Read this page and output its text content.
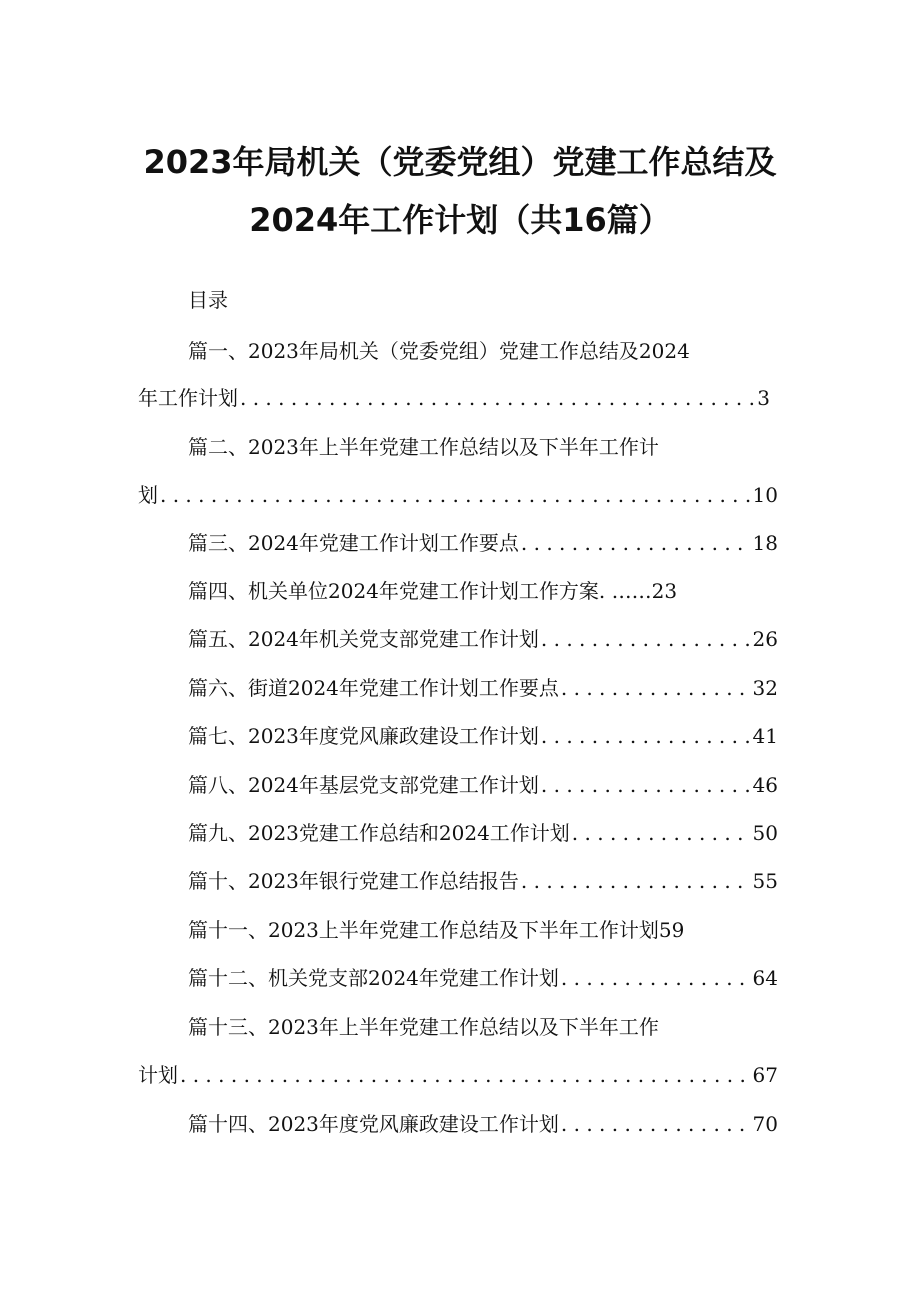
2023年局机关（党委党组）党建工作总结及
2024年工作计划（共16篇）
目录
篇一、2023年局机关（党委党组）党建工作总结及2024
年工作计划 . . .	3
篇二、2023年上半年党建工作总结以及下半年工作计
划 . . .	10
篇三、2024年党建工作计划工作要点 . . .	18
篇四、机关单位2024年党建工作计划工作方案. ……23
篇五、2024年机关党支部党建工作计划 . . .	26
篇六、街道2024年党建工作计划工作要点 . . .	32
篇七、2023年度党风廉政建设工作计划 . . .	41
篇八、2024年基层党支部党建工作计划 . . .	46
篇九、2023党建工作总结和2024工作计划 . . .	50
篇十、2023年银行党建工作总结报告 . . .	55
篇十一、2023上半年党建工作总结及下半年工作计划59
篇十二、机关党支部2024年党建工作计划 . . .	64
篇十三、2023年上半年党建工作总结以及下半年工作
计划 . . .	67
篇十四、2023年度党风廉政建设工作计划 . . .	70
